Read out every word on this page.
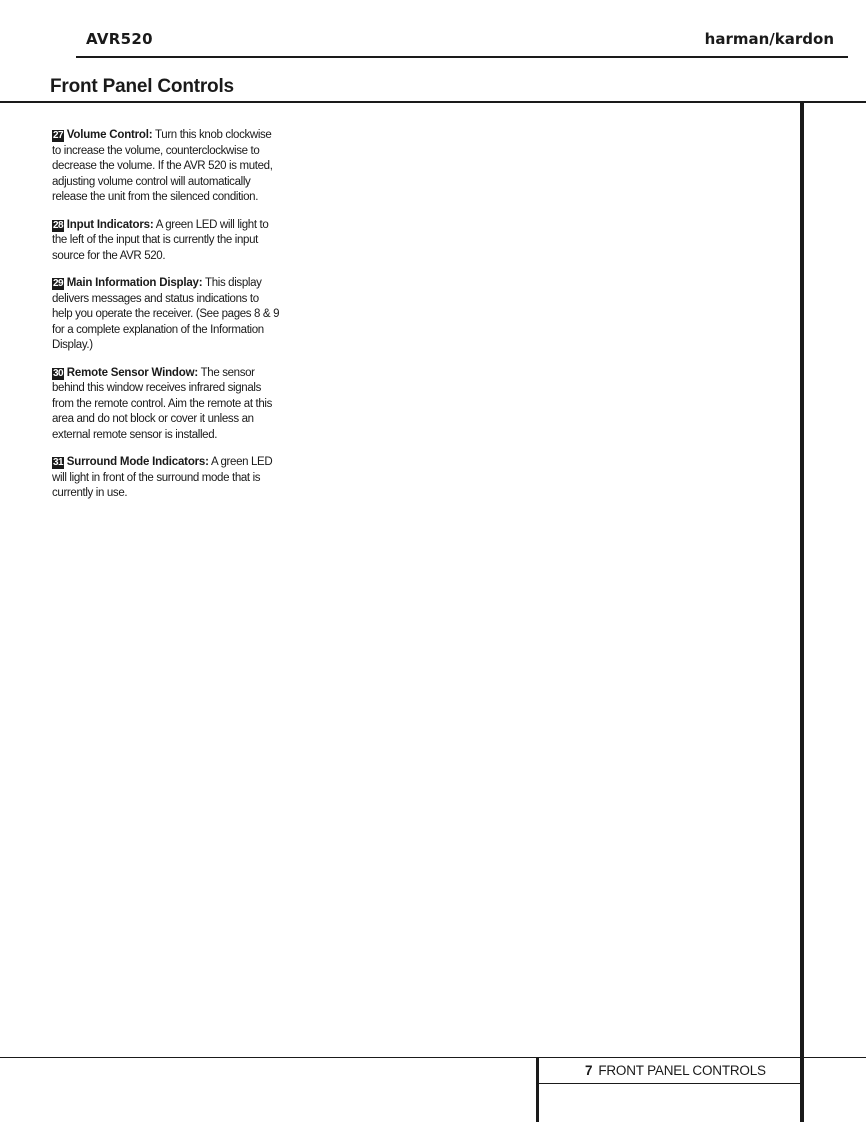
AVR520	harman/kardon
Front Panel Controls

27 Volume Control: Turn this knob clockwise to increase the volume, counterclockwise to decrease the volume. If the AVR 520 is muted, adjusting volume control will automatically release the unit from the silenced condition.

28 Input Indicators: A green LED will light to the left of the input that is currently the input source for the AVR 520.

29 Main Information Display: This display delivers messages and status indications to help you operate the receiver. (See pages 8 & 9 for a complete explanation of the Information Display.)

30 Remote Sensor Window: The sensor behind this window receives infrared signals from the remote control. Aim the remote at this area and do not block or cover it unless an external remote sensor is installed.

31 Surround Mode Indicators: A green LED will light in front of the surround mode that is currently in use.

7 FRONT PANEL CONTROLS
